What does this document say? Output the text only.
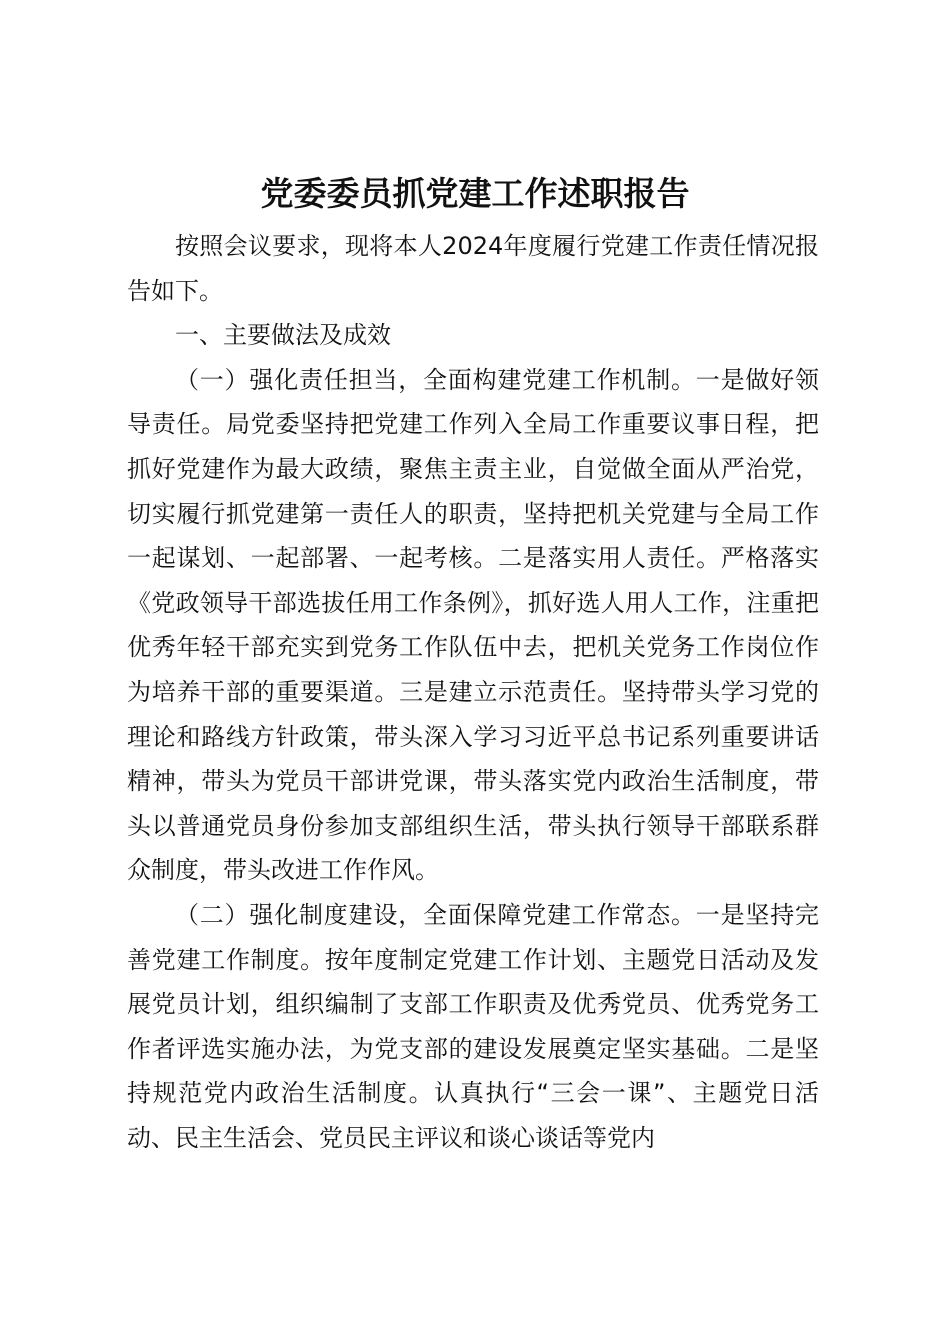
党委委员抓党建工作述职报告

按照会议要求，现将本人2024年度履行党建工作责任情况报告如下。

一、主要做法及成效

（一）强化责任担当，全面构建党建工作机制。一是做好领导责任。局党委坚持把党建工作列入全局工作重要议事日程，把抓好党建作为最大政绩，聚焦主责主业，自觉做全面从严治党，切实履行抓党建第一责任人的职责，坚持把机关党建与全局工作一起谋划、一起部署、一起考核。二是落实用人责任。严格落实《党政领导干部选拔任用工作条例》，抓好选人用人工作，注重把优秀年轻干部充实到党务工作队伍中去，把机关党务工作岗位作为培养干部的重要渠道。三是建立示范责任。坚持带头学习党的理论和路线方针政策，带头深入学习习近平总书记系列重要讲话精神，带头为党员干部讲党课，带头落实党内政治生活制度，带头以普通党员身份参加支部组织生活，带头执行领导干部联系群众制度，带头改进工作作风。

（二）强化制度建设，全面保障党建工作常态。一是坚持完善党建工作制度。按年度制定党建工作计划、主题党日活动及发展党员计划，组织编制了支部工作职责及优秀党员、优秀党务工作者评选实施办法，为党支部的建设发展奠定坚实基础。二是坚持规范党内政治生活制度。认真执行“三会一课”、主题党日活动、民主生活会、党员民主评议和谈心谈话等党内
